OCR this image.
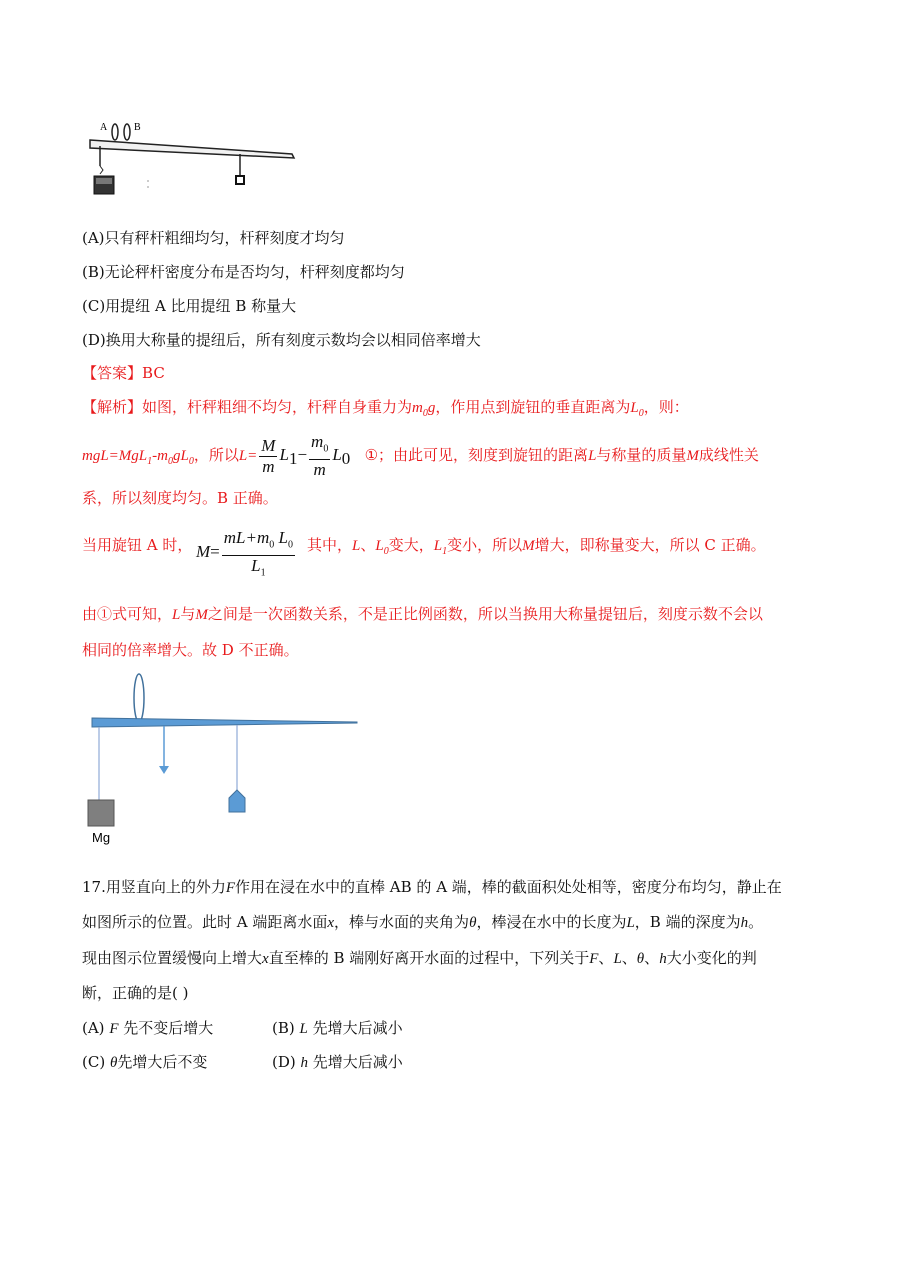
A	B
(A)只有秤杆粗细均匀，杆秤刻度才均匀
(B)无论秤杆密度分布是否均匀，杆秤刻度都均匀
(C)用提纽 A 比用提纽 B 称量大
(D)换用大称量的提纽后，所有刻度示数均会以相同倍率增大
【答案】BC
【解析】如图，杆秤粗细不均匀，杆秤自身重力为$m_0g$，作用点到旋钮的垂直距离为$L_0$，则：
$mgL=MgL_1-m_0gL_0$，所以$L= \frac{M}{m} L_1- \frac{m_0}{m} L_0$ ①；由此可见，刻度到旋钮的距离L与称量的质量M成线性关
系，所以刻度均匀。B 正确。
当用旋钮 A 时， $M= \frac{mL+m_0 L_0}{L_1}$ 其中，L、$L_0$变大，$L_1$变小，所以M增大，即称量变大，所以 C 正确。
由①式可知，L与M之间是一次函数关系，不是正比例函数，所以当换用大称量提钮后，刻度示数不会以
相同的倍率增大。故 D 不正确。
Mg
17.用竖直向上的外力F作用在浸在水中的直棒 AB 的 A 端，棒的截面积处处相等，密度分布均匀，静止在
如图所示的位置。此时 A 端距离水面x，棒与水面的夹角为θ，棒浸在水中的长度为L，B 端的深度为h。
现由图示位置缓慢向上增大x直至棒的 B 端刚好离开水面的过程中，下列关于F、L、θ、h大小变化的判
断，正确的是( )
(A) F 先不变后增大	(B) L 先增大后减小
(C) θ先增大后不变	(D) h 先增大后减小
